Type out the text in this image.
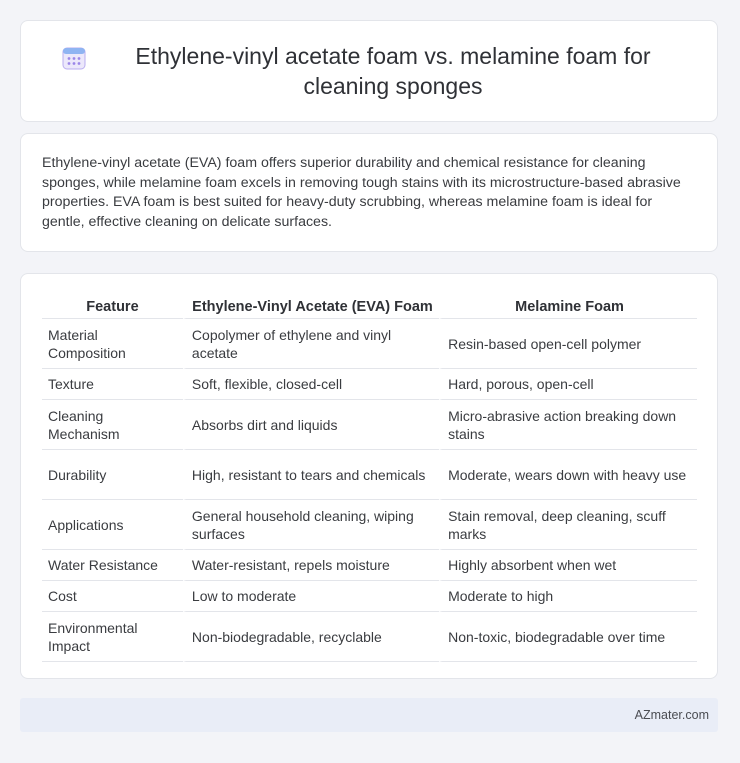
Ethylene-vinyl acetate foam vs. melamine foam for cleaning sponges

Ethylene-vinyl acetate (EVA) foam offers superior durability and chemical resistance for cleaning sponges, while melamine foam excels in removing tough stains with its microstructure-based abrasive properties. EVA foam is best suited for heavy-duty scrubbing, whereas melamine foam is ideal for gentle, effective cleaning on delicate surfaces.

Feature	Ethylene-Vinyl Acetate (EVA) Foam	Melamine Foam
Material Composition	Copolymer of ethylene and vinyl acetate	Resin-based open-cell polymer
Texture	Soft, flexible, closed-cell	Hard, porous, open-cell
Cleaning Mechanism	Absorbs dirt and liquids	Micro-abrasive action breaking down stains
Durability	High, resistant to tears and chemicals	Moderate, wears down with heavy use
Applications	General household cleaning, wiping surfaces	Stain removal, deep cleaning, scuff marks
Water Resistance	Water-resistant, repels moisture	Highly absorbent when wet
Cost	Low to moderate	Moderate to high
Environmental Impact	Non-biodegradable, recyclable	Non-toxic, biodegradable over time
AZmater.com
